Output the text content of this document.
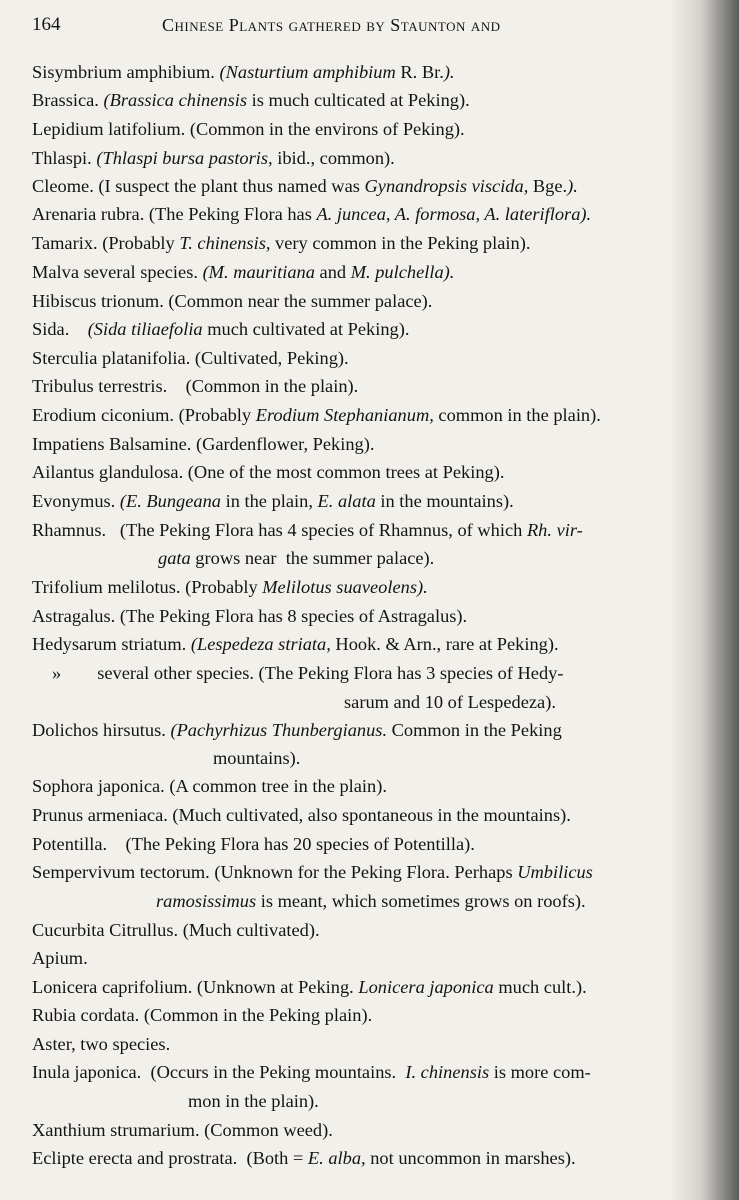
164	Chinese Plants gathered by Staunton and
Sisymbrium amphibium. (Nasturtium amphibium R. Br.).
Brassica. (Brassica chinensis is much culticated at Peking).
Lepidium latifolium. (Common in the environs of Peking).
Thlaspi. (Thlaspi bursa pastoris, ibid., common).
Cleome. (I suspect the plant thus named was Gynandropsis viscida, Bge.).
Arenaria rubra. (The Peking Flora has A. juncea, A. formosa, A. lateriflora).
Tamarix. (Probably T. chinensis, very common in the Peking plain).
Malva several species. (M. mauritiana and M. pulchella).
Hibiscus trionum. (Common near the summer palace).
Sida.    (Sida tiliaefolia much cultivated at Peking).
Sterculia platanifolia. (Cultivated, Peking).
Tribulus terrestris.    (Common in the plain).
Erodium ciconium. (Probably Erodium Stephanianum, common in the plain).
Impatiens Balsamine. (Gardenflower, Peking).
Ailantus glandulosa. (One of the most common trees at Peking).
Evonymus. (E. Bungeana in the plain, E. alata in the mountains).
Rhamnus.   (The Peking Flora has 4 species of Rhamnus, of which Rh. vir-
gata grows near  the summer palace).
Trifolium melilotus. (Probably Melilotus suaveolens).
Astragalus. (The Peking Flora has 8 species of Astragalus).
Hedysarum striatum. (Lespedeza striata, Hook. & Arn., rare at Peking).
» several other species. (The Peking Flora has 3 species of Hedy-
sarum and 10 of Lespedeza).
Dolichos hirsutus. (Pachyrhizus Thunbergianus. Common in the Peking
mountains).
Sophora japonica. (A common tree in the plain).
Prunus armeniaca. (Much cultivated, also spontaneous in the mountains).
Potentilla.    (The Peking Flora has 20 species of Potentilla).
Sempervivum tectorum. (Unknown for the Peking Flora. Perhaps Umbilicus
ramosissimus is meant, which sometimes grows on roofs).
Cucurbita Citrullus. (Much cultivated).
Apium.
Lonicera caprifolium. (Unknown at Peking. Lonicera japonica much cult.).
Rubia cordata. (Common in the Peking plain).
Aster, two species.
Inula japonica.  (Occurs in the Peking mountains.  I. chinensis is more com-
mon in the plain).
Xanthium strumarium. (Common weed).
Eclipte erecta and prostrata.  (Both = E. alba, not uncommon in marshes).
